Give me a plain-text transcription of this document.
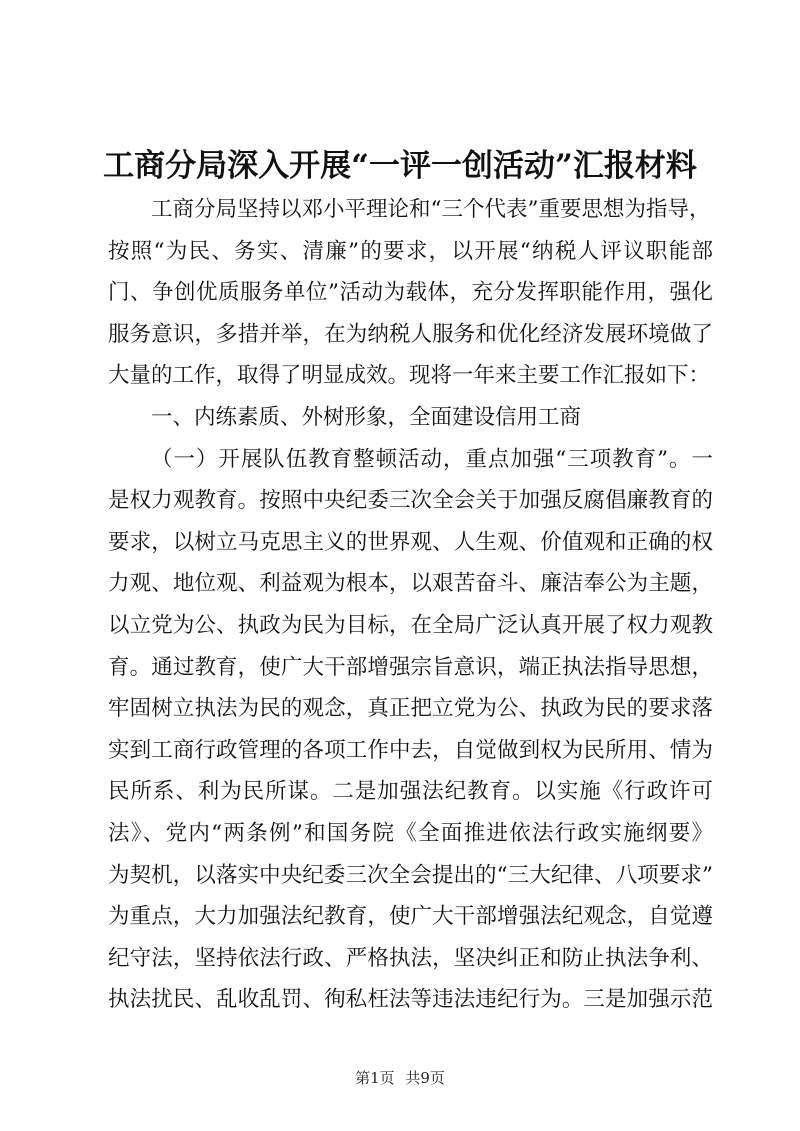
工商分局深入开展“一评一创活动”汇报材料
工商分局坚持以邓小平理论和“三个代表”重要思想为指导，
按照“为民、务实、清廉”的要求，以开展“纳税人评议职能部
门、争创优质服务单位”活动为载体，充分发挥职能作用，强化
服务意识，多措并举，在为纳税人服务和优化经济发展环境做了
大量的工作，取得了明显成效。现将一年来主要工作汇报如下：
一、内练素质、外树形象，全面建设信用工商
（一）开展队伍教育整顿活动，重点加强“三项教育”。一
是权力观教育。按照中央纪委三次全会关于加强反腐倡廉教育的
要求，以树立马克思主义的世界观、人生观、价值观和正确的权
力观、地位观、利益观为根本，以艰苦奋斗、廉洁奉公为主题，
以立党为公、执政为民为目标，在全局广泛认真开展了权力观教
育。通过教育，使广大干部增强宗旨意识，端正执法指导思想，
牢固树立执法为民的观念，真正把立党为公、执政为民的要求落
实到工商行政管理的各项工作中去，自觉做到权为民所用、情为
民所系、利为民所谋。二是加强法纪教育。以实施《行政许可
法》、党内“两条例”和国务院《全面推进依法行政实施纲要》
为契机，以落实中央纪委三次全会提出的“三大纪律、八项要求”
为重点，大力加强法纪教育，使广大干部增强法纪观念，自觉遵
纪守法，坚持依法行政、严格执法，坚决纠正和防止执法争利、
执法扰民、乱收乱罚、徇私枉法等违法违纪行为。三是加强示范
第1页 共9页
